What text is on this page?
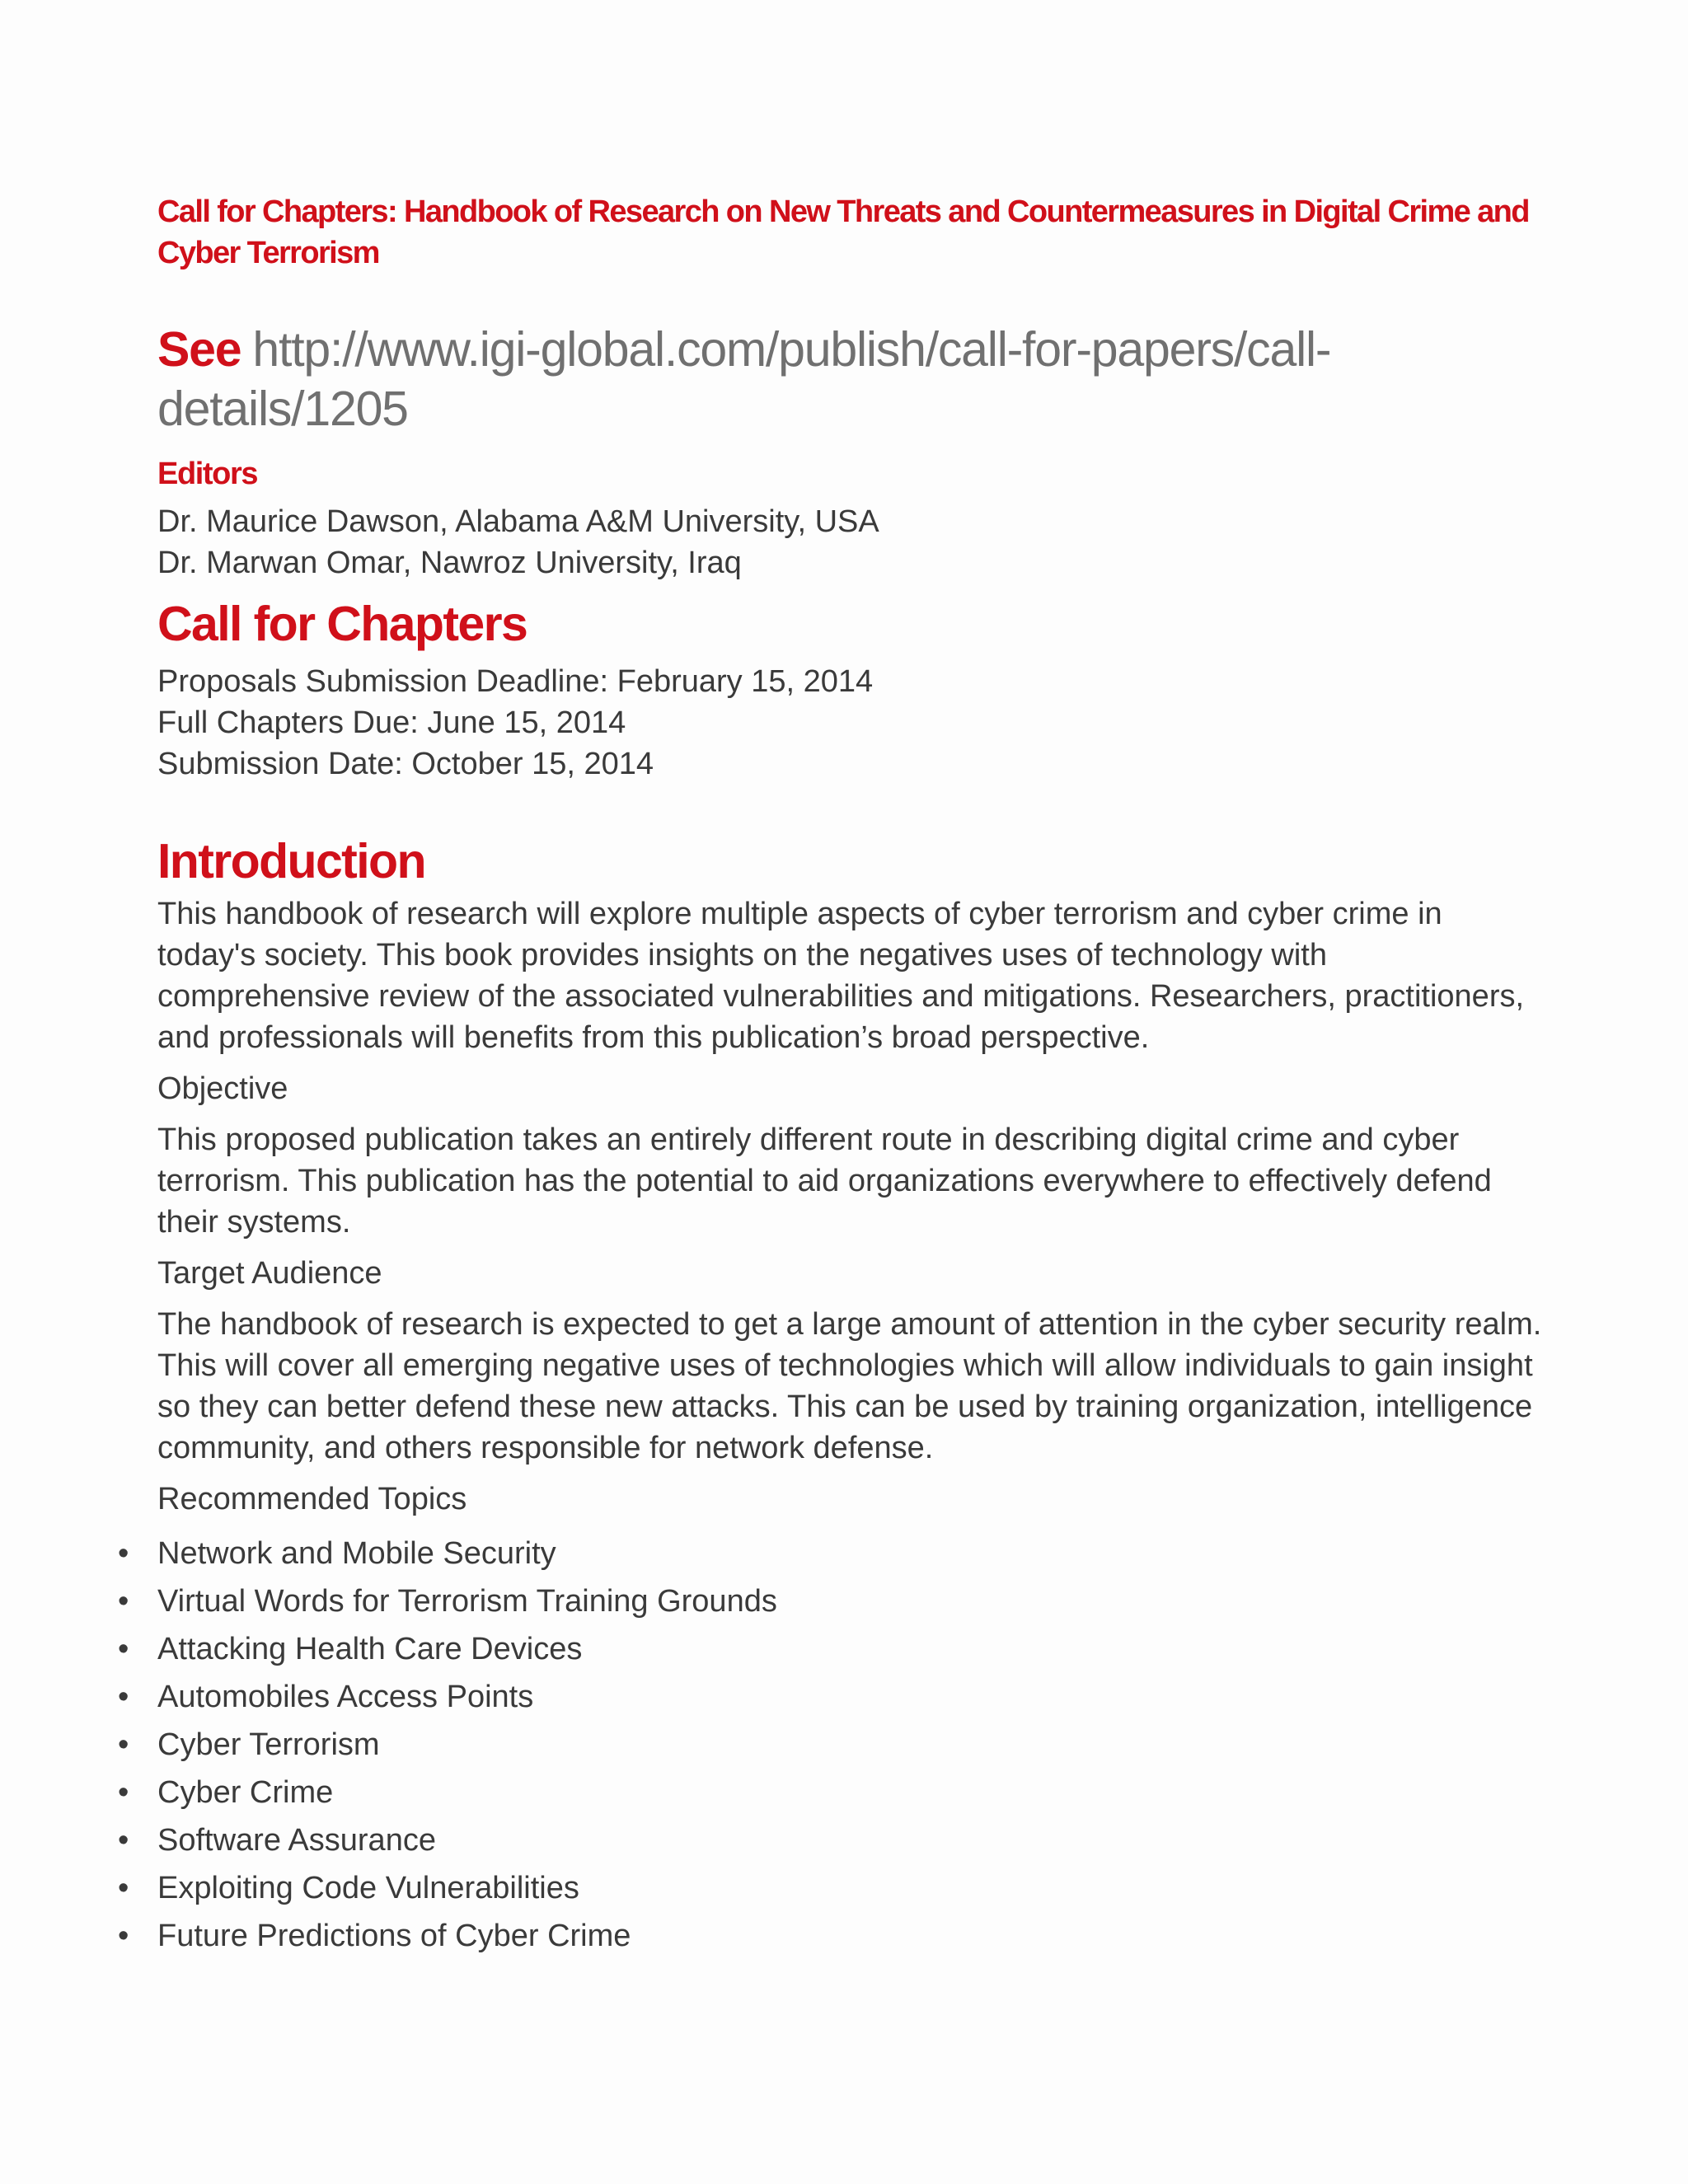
Call for Chapters: Handbook of Research on New Threats and Countermeasures in Digital Crime and Cyber Terrorism
See http://www.igi-global.com/publish/call-for-papers/call-details/1205
Editors
Dr. Maurice Dawson, Alabama A&M University, USA
Dr. Marwan Omar, Nawroz University, Iraq
Call for Chapters
Proposals Submission Deadline: February 15, 2014
Full Chapters Due: June 15, 2014
Submission Date: October 15, 2014
Introduction

This handbook of research will explore multiple aspects of cyber terrorism and cyber crime in today's society. This book provides insights on the negatives uses of technology with comprehensive review of the associated vulnerabilities and mitigations. Researchers, practitioners, and professionals will benefits from this publication’s broad perspective.

Objective

This proposed publication takes an entirely different route in describing digital crime and cyber terrorism. This publication has the potential to aid organizations everywhere to effectively defend their systems.

Target Audience

The handbook of research is expected to get a large amount of attention in the cyber security realm. This will cover all emerging negative uses of technologies which will allow individuals to gain insight so they can better defend these new attacks. This can be used by training organization, intelligence community, and others responsible for network defense.

Recommended Topics
• Network and Mobile Security
• Virtual Words for Terrorism Training Grounds
• Attacking Health Care Devices
• Automobiles Access Points
• Cyber Terrorism
• Cyber Crime
• Software Assurance
• Exploiting Code Vulnerabilities
• Future Predictions of Cyber Crime
